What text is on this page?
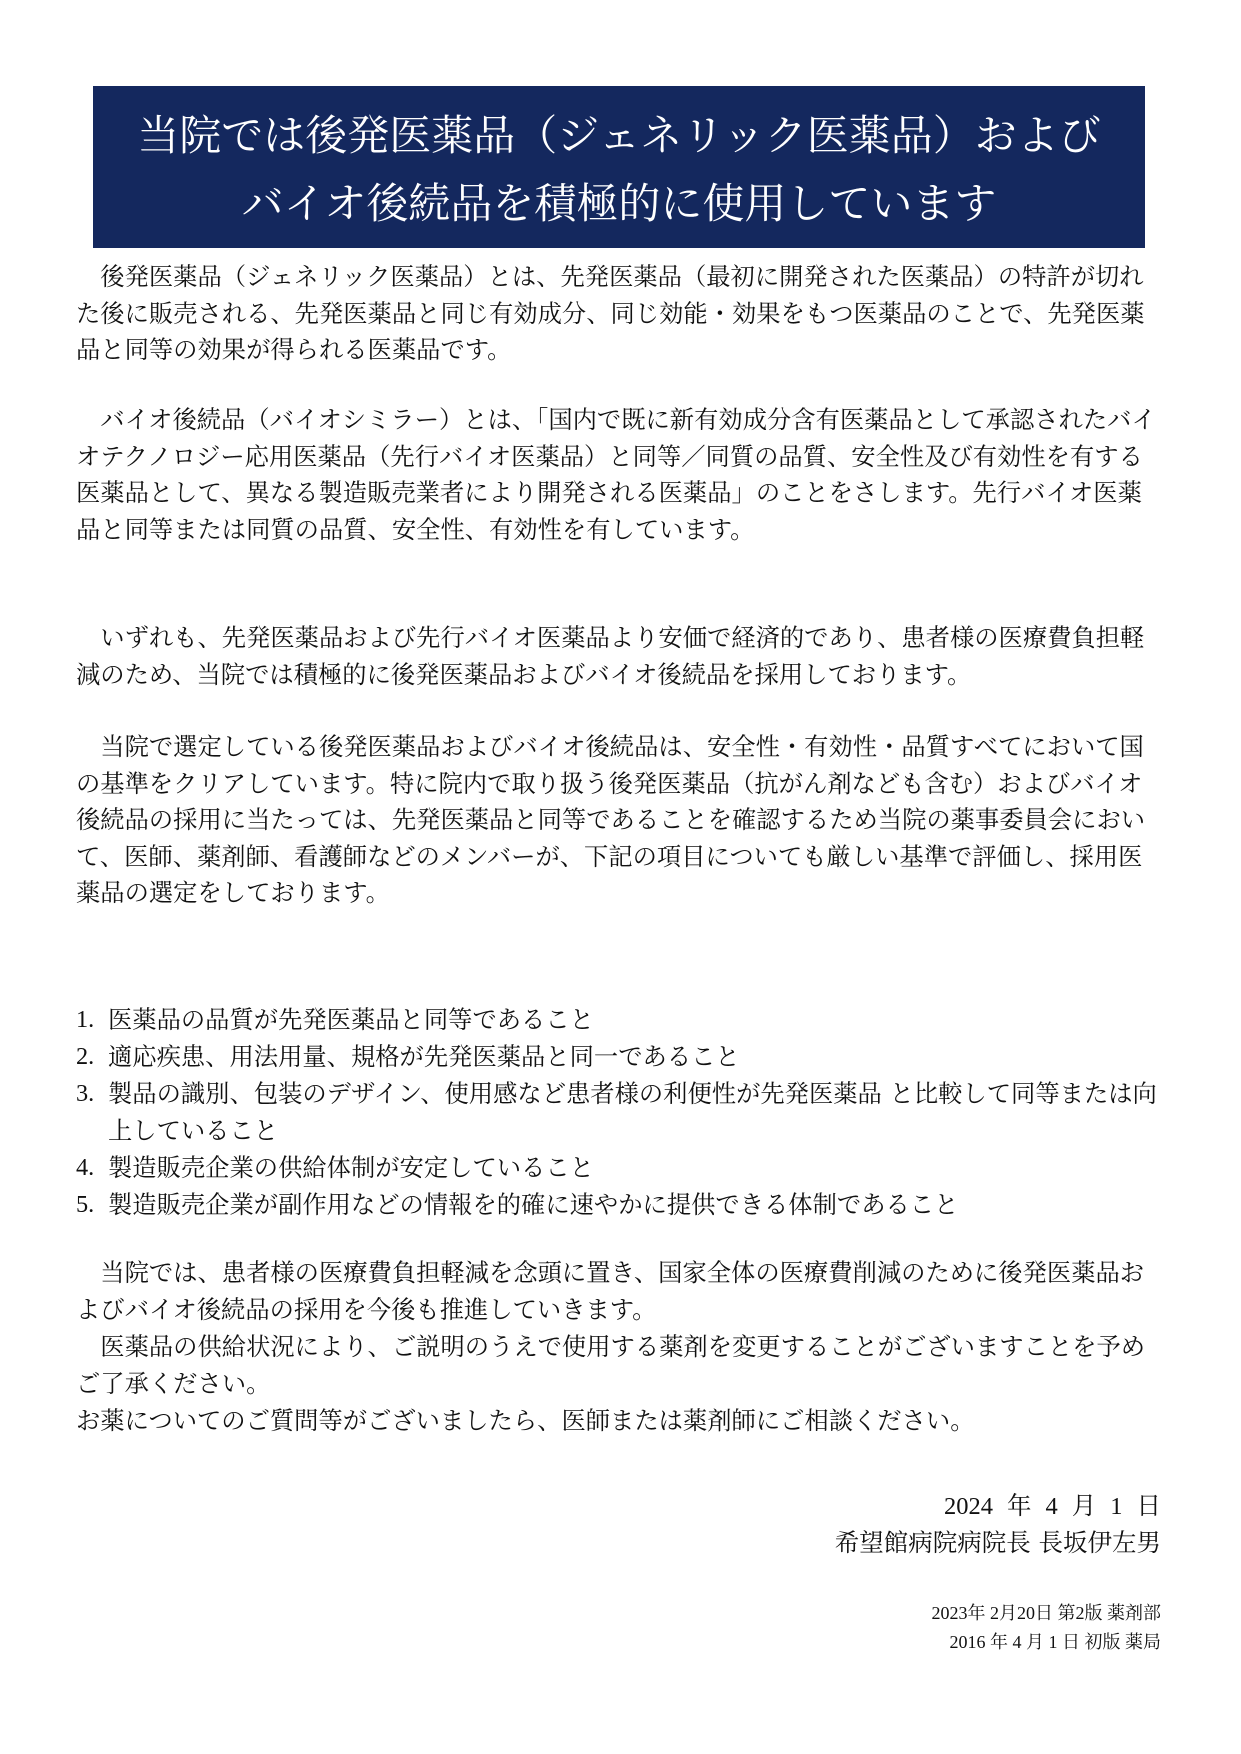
当院では後発医薬品（ジェネリック医薬品）および
バイオ後続品を積極的に使用しています

後発医薬品（ジェネリック医薬品）とは、先発医薬品（最初に開発された医薬品）の特許が切れた後に販売される、先発医薬品と同じ有効成分、同じ効能・効果をもつ医薬品のことで、先発医薬品と同等の効果が得られる医薬品です。

バイオ後続品（バイオシミラー）とは、「国内で既に新有効成分含有医薬品として承認されたバイオテクノロジー応用医薬品（先行バイオ医薬品）と同等／同質の品質、安全性及び有効性を有する医薬品として、異なる製造販売業者により開発される医薬品」のことをさします。先行バイオ医薬品と同等または同質の品質、安全性、有効性を有しています。

いずれも、先発医薬品および先行バイオ医薬品より安価で経済的であり、患者様の医療費負担軽減のため、当院では積極的に後発医薬品およびバイオ後続品を採用しております。

当院で選定している後発医薬品およびバイオ後続品は、安全性・有効性・品質すべてにおいて国の基準をクリアしています。特に院内で取り扱う後発医薬品（抗がん剤なども含む）およびバイオ後続品の採用に当たっては、先発医薬品と同等であることを確認するため当院の薬事委員会において、医師、薬剤師、看護師などのメンバーが、下記の項目についても厳しい基準で評価し、採用医薬品の選定をしております。

1. 医薬品の品質が先発医薬品と同等であること
2. 適応疾患、用法用量、規格が先発医薬品と同一であること
3. 製品の識別、包装のデザイン、使用感など患者様の利便性が先発医薬品 と比較して同等または向上していること
4. 製造販売企業の供給体制が安定していること
5. 製造販売企業が副作用などの情報を的確に速やかに提供できる体制であること

当院では、患者様の医療費負担軽減を念頭に置き、国家全体の医療費削減のために後発医薬品およびバイオ後続品の採用を今後も推進していきます。

医薬品の供給状況により、ご説明のうえで使用する薬剤を変更することがございますことを予めご了承ください。

お薬についてのご質問等がございましたら、医師または薬剤師にご相談ください。

2024 年 4 月 1 日
希望館病院病院長 長坂伊左男
2023年 2月20日 第2版 薬剤部
2016 年 4 月 1 日 初版 薬局
